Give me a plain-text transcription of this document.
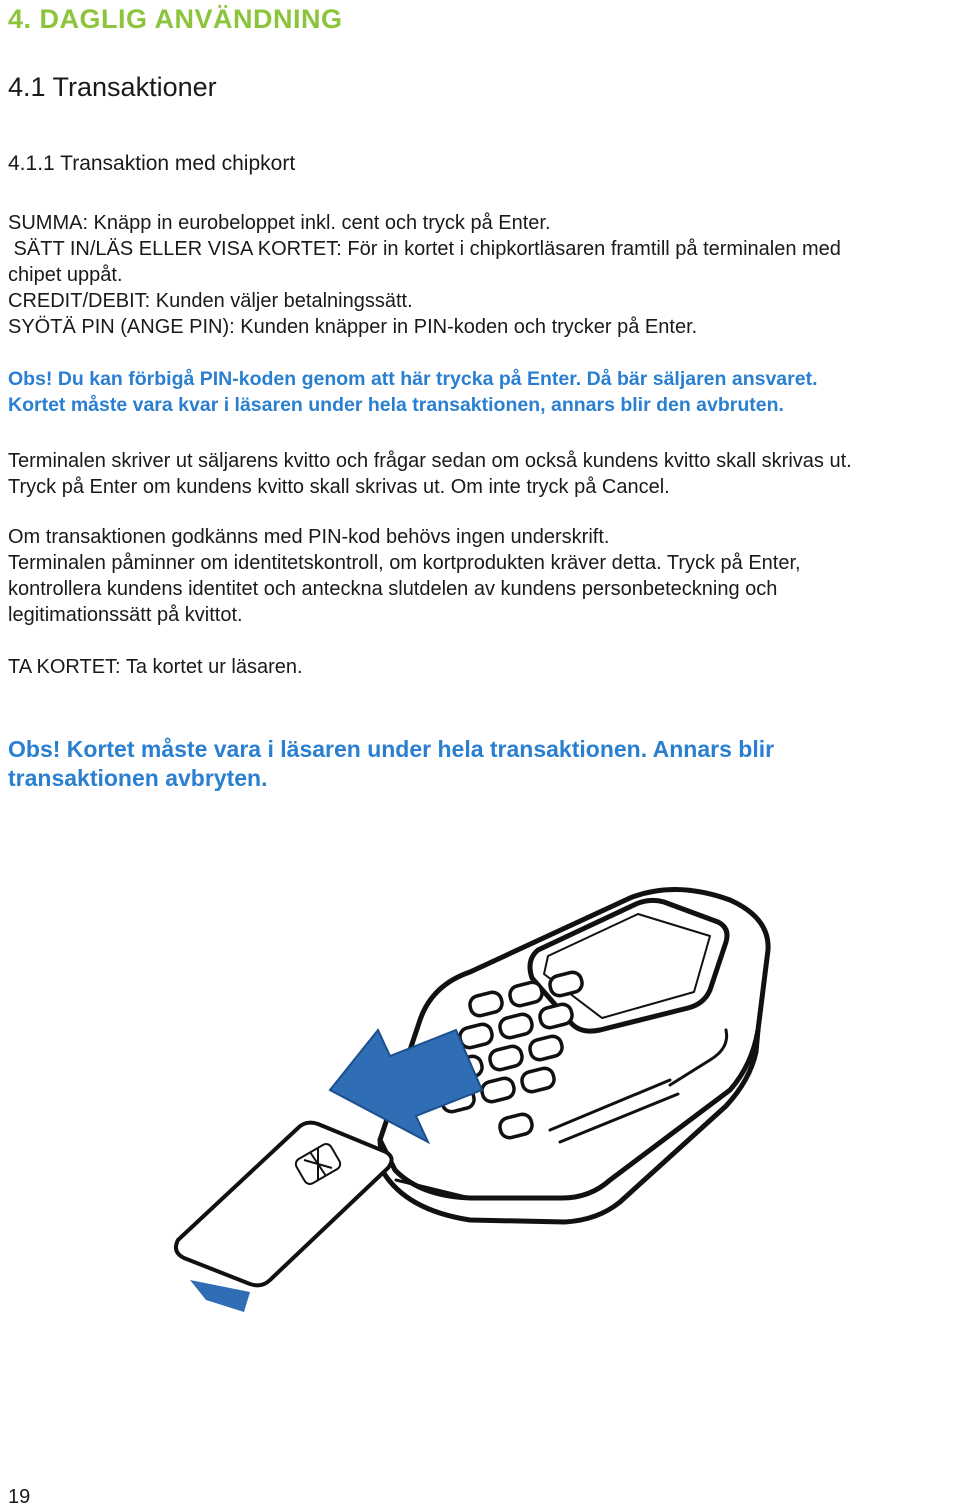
4. DAGLIG ANVÄNDNING
4.1 Transaktioner
4.1.1 Transaktion med chipkort
SUMMA: Knäpp in eurobeloppet inkl. cent och tryck på Enter.
SÄTT IN/LÄS ELLER VISA KORTET: För in kortet i chipkortläsaren framtill på terminalen med
chipet uppåt.
CREDIT/DEBIT: Kunden väljer betalningssätt.
SYÖTÄ PIN (ANGE PIN): Kunden knäpper in PIN-koden och trycker på Enter.
Obs! Du kan förbigå PIN-koden genom att här trycka på Enter. Då bär säljaren ansvaret.
Kortet måste vara kvar i läsaren under hela transaktionen, annars blir den avbruten.
Terminalen skriver ut säljarens kvitto och frågar sedan om också kundens kvitto skall skrivas ut.
Tryck på Enter om kundens kvitto skall skrivas ut. Om inte tryck på Cancel.
Om transaktionen godkänns med PIN-kod behövs ingen underskrift.
Terminalen påminner om identitetskontroll, om kortprodukten kräver detta. Tryck på Enter,
kontrollera kundens identitet och anteckna slutdelen av kundens personbeteckning och
legitimationssätt på kvittot.
TA KORTET: Ta kortet ur läsaren.
Obs! Kortet måste vara i läsaren under hela transaktionen. Annars blir
transaktionen avbryten.
19
